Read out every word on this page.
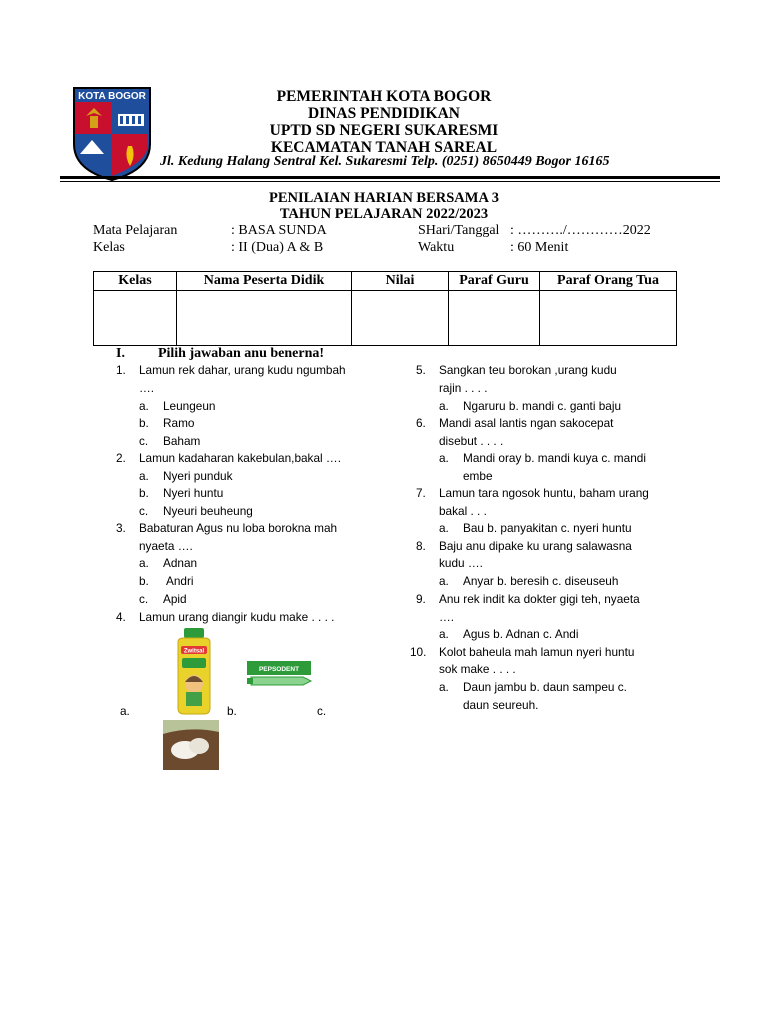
KOTA BOGOR	PEMERINTAH KOTA BOGOR
DINAS PENDIDIKAN
UPTD SD NEGERI SUKARESMI
KECAMATAN TANAH SAREAL
Jl. Kedung Halang Sentral Kel. Sukaresmi Telp. (0251) 8650449 Bogor 16165
PENILAIAN HARIAN BERSAMA 3
TAHUN PELAJARAN 2022/2023
Mata Pelajaran	: BASA SUNDA	SHari/Tanggal : ………./…………2022
Kelas	: II (Dua) A & B	Waktu	: 60 Menit
Kelas	Nama Peserta Didik	Nilai	Paraf Guru	Paraf Orang Tua

I. Pilih jawaban anu benerna!
1. Lamun rek dahar, urang kudu ngumbah
….
a. Leungeun
b. Ramo
c. Baham
2. Lamun kadaharan kakebulan,bakal ….
a. Nyeri punduk
b. Nyeri huntu
c. Nyeuri beuheung
3. Babaturan Agus nu loba borokna mah
nyaeta ….
a. Adnan
b. Andri
c. Apid
4. Lamun urang diangir kudu make . . . .
a.	b.	c.
Zwitsal
PEPSODENT
5. Sangkan teu borokan ,urang kudu
rajin . . . .
a. Ngaruru b. mandi c. ganti baju
6. Mandi asal lantis ngan sakocepat
disebut . . . .
a. Mandi oray b. mandi kuya c. mandi
embe
7. Lamun tara ngosok huntu, baham urang
bakal . . .
a. Bau b. panyakitan c. nyeri huntu
8. Baju anu dipake ku urang salawasna
kudu ….
a. Anyar b. beresih c. diseuseuh
9. Anu rek indit ka dokter gigi teh, nyaeta
….
a. Agus b. Adnan c. Andi
10. Kolot baheula mah lamun nyeri huntu
sok make . . . .
a. Daun jambu b. daun sampeu c.
daun seureuh.
